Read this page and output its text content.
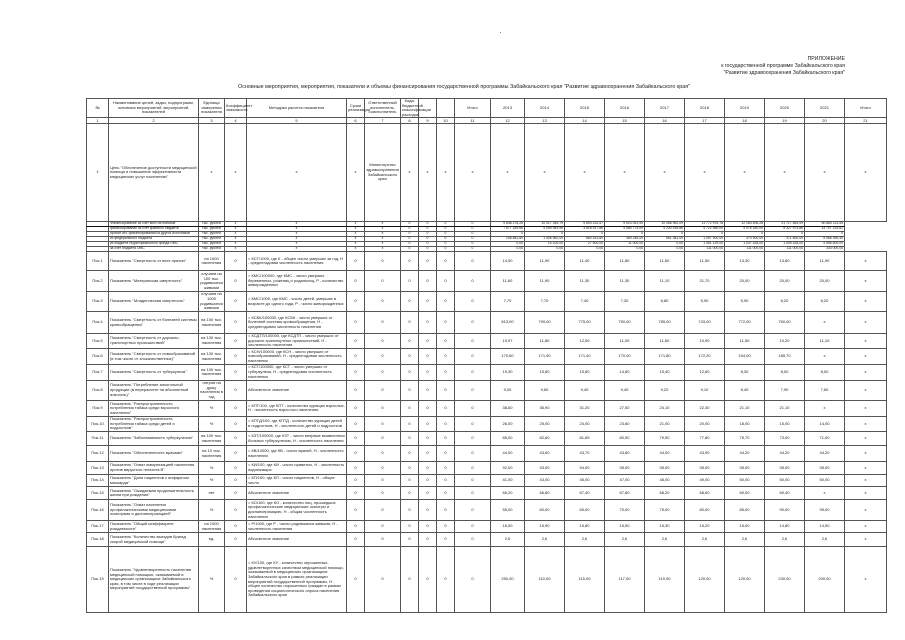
ПРИЛОЖЕНИЕ
к государственной программе Забайкальского края
"Развитие здравоохранения Забайкальского края"
Основные мероприятия, мероприятия, показатели и объемы финансирования государственной программы Забайкальского края "Развитие здравоохранения Забайкальского края"
№	Наименование целей, задач, подпрограмм, основных мероприятий, мероприятий, показателей	Единица измерения показателя	Коэффициент значимости	Методика расчета показателя	Сроки реализации	Ответственный исполнитель, соисполнитель	Коды бюджетной классификации расходов			Итого	2013	2014	2015	2016	2017	2018	2019	2020	2021	Итого
1	2	3	4	5	6	7	8	9	10	11	12	13	14	15	16	17	18	19	20	21
1	Цель "Обеспечение доступности медицинской помощи и повышение эффективности медицинских услуг населению"	х	х	х	х	Министерство здравоохранения Забайкальского края	х	х	х	х	х	х	х	х	х	х	х	х	х	х
	Финансирование за счет всех источников	тыс. рублей	х	х	х	х	0	0	0	0	9 838 178,26	10 017 345,79	9 893 231,57	9 923 051,90	10 088 962,09	11 772 976,78	12 183 406,28	21 717 583,99	80 880 113,55	
	финансирование за счет краевого бюджета	тыс. рублей	х	х	х	х	0	0	0	0	7 677 189,66	4 059 944,96	3 818 917,86	4 080 774,09	4 230 918,86	4 722 950,00	4 976 180,00	5 327 974,86	33 757 233,82	
	прочие ист. финансирования из других источников	тыс. рублей	х	х	х	х	0	0	0	0	0	0	0	0	0	0	0	0	0	
	из федерального бюджета	тыс. рублей	х	х	х	х	0	0	0	0	106 881,80	1 006 962,00	860 513,80	369 246,00	561 381,00	1 097 900,00	370 900,00	371 800,00	5 968 395,40	
	из бюджета территориального фонда ОМС	тыс. рублей	х	х	х	х	0	0	0	0	0,00	14 100,00	27 500,00	11 000,00	0,00	1 051 129,00	1 037 428,00	1 009 428,00	4 556 600,00	
	за счет бюджета ОМС	тыс. рублей	х	х	х	х	0	0	0	0	0,00	0,00	0,00	0,00	0,00	111 000,00	111 000,00	111 000,00	333 000,00	
Пок.1	Показатель "Смертность от всех причин"	на 1000 населения	0	= КСТ/1000, где К - общее число умерших за год, Н - среднегодовая численность населения	0	0	0	0	0	0	14,50	11,90	11,40	11,80	11,60	11,50	13,30	13,80	11,90	х
Пок.2	Показатель "Материнская смертность"	случаев на 100 тыс. родившихся живыми	0	= КМС/100000, где КМС - число умерших беременных, рожениц и родильниц, Р - количество живорожденных	0	0	0	0	0	0	11,60	11,90	11,30	11,30	11,10	21,70	20,00	20,00	20,00	х
Пок.3	Показатель "Младенческая смертность"	случаев на 1000 родившихся живыми	0	= КМС/1000, где КМС - число детей, умерших в возрасте до одного года, Р - число живорожденных	0	0	0	0	0	0	7,70	7,70	7,40	7,30	6,80	5,90	5,90	6,20	6,20	х
Пок.4	Показатель "Смертность от болезней системы кровообращения"	на 100 тыс. населения	0	= КСБК/100000, где КСБК - число умерших от болезней системы кровообращения, Н - среднегодовая численность населения	0	0	0	0	0	0	813,00	799,00	775,00	750,00	785,00	743,00	772,00	760,00	х	х
Пок.5	Показатель "Смертность от дорожно-транспортных происшествий"	на 100 тыс. населения	0	= КСДТП/100000, где КСДТП - число умерших от дорожно-транспортных происшествий, Н - численность населения	0	0	0	0	0	0	19,97	11,80	12,50	11,00	11,60	10,90	11,50	10,20	11,10	х
Пок.6	Показатель "Смертность от новообразований (в том числе от злокачественных)"	на 100 тыс. населения	0	= КСН/100000, где КСН - число умерших от новообразований, Н - среднегодовая численность населения	0	0	0	0	0	0	170,60	171,90	171,40	170,00	171,80	172,20	194,00	185,70	х	х
Пок.7	Показатель "Смертность от туберкулеза"	на 100 тыс. населения	0	= КСТ/100000, где КСТ - число умерших от туберкулеза, Н - среднегодовая численность населения	0	0	0	0	0	0	19,30	15,80	15,80	14,80	15,40	12,60	8,30	8,00	8,00	х
Пок.8	Показатель "Потребление алкогольной продукции (в перерасчете на абсолютный алкоголь)"	литров на душу населения в год	0	Абсолютное значение	0	0	0	0	0	0	9,00	9,60	9,40	9,40	9,20	9,10	8,40	7,90	7,60	х
Пок.9	Показатель "Распространенность потребления табака среди взрослого населения"	%	0	= КПТ/100, где КПТ - количество курящих взрослых, Н - численность взрослого населения	0	0	0	0	0	0	38,60	36,90	31,20	27,50	24,10	22,30	21,10	21,10	х	х
Пок.10	Показатель "Распространенность потребления табака среди детей и подростков"	%	0	= КПТД/100, где КПТД - количество курящих детей и подростков, Н - численность детей и подростков	0	0	0	0	0	0	26,00	25,00	24,00	23,80	21,00	20,00	18,00	15,00	14,00	х
Пок.11	Показатель "Заболеваемость туберкулезом"	на 100 тыс. населения	0	= КЗТ/100000, где КЗТ - число впервые выявленных больных туберкулезом, Н - численность населения	0	0	0	0	0	0	85,00	82,60	81,65	80,50	79,50	77,80	75,70	73,00	71,00	х
Пок.12	Показатель "Обеспеченность врачами"	на 10 тыс. населения	0	= КВ/10000, где КВ - число врачей, Н - численность населения	0	0	0	0	0	0	44,00	43,60	43,70	43,80	44,00	43,90	44,20	44,20	44,20	х
Пок.13	Показатель "Охват иммунизацией населения против вирусного гепатита В"	%	0	= КИ/100, где КИ - число привитых, Н - численность подлежащих	0	0	0	0	0	0	92,00	93,00	94,00	95,00	95,00	95,00	95,00	95,00	95,00	х
Пок.14	Показатель "Доля пациентов с инфарктом миокарда"	%	0	= КП/100, где КП - число пациентов, Н - общее число	0	0	0	0	0	0	41,00	43,00	45,00	47,00	48,00	49,00	50,00	50,00	50,00	х
Пок.15	Показатель "Ожидаемая продолжительность жизни при рождении"	лет	0	Абсолютное значение	0	0	0	0	0	0	66,20	66,80	67,40	67,80	68,20	68,60	69,00	69,40	х	х
Пок.16	Показатель "Охват населения профилактическими медицинскими осмотрами и диспансеризацией"	%	0	= КО/100, где КО - количество лиц, прошедших профилактические медицинские осмотры и диспансеризацию, Н - общая численность населения	0	0	0	0	0	0	55,00	60,00	65,00	70,00	75,00	80,00	85,00	90,00	95,00	х
Пок.17	Показатель "Общий коэффициент рождаемости"	на 1000 населения	0	= Р/1000, где Р - число родившихся живыми, Н - численность населения	0	0	0	0	0	0	16,00	15,90	15,80	15,50	15,30	15,20	15,00	14,80	14,50	х
Пок.18	Показатель "Количество выездов бригад скорой медицинской помощи"	ед.	0	Абсолютное значение	0	0	0	0	0	0	2,6	2,6	2,6	2,6	2,6	2,6	2,6	2,6	2,6	х
Пок.19	Показатель "Удовлетворенность населения медицинской помощью, оказываемой в медицинских организациях Забайкальского края, в том числе в ходе реализации мероприятий государственной программы"	%	0	= КУ/100, где КУ - количество опрошенных, удовлетворенных качеством медицинской помощи, оказываемой в медицинских организациях Забайкальского края в рамках реализации мероприятий государственной программы, Н - общее количество опрошенных граждан в рамках проведения социологического опроса населения Забайкальского края	0	0	0	0	0	0	250,00	110,00	115,00	117,00	119,00	120,00	120,00	230,00	200,00	х
